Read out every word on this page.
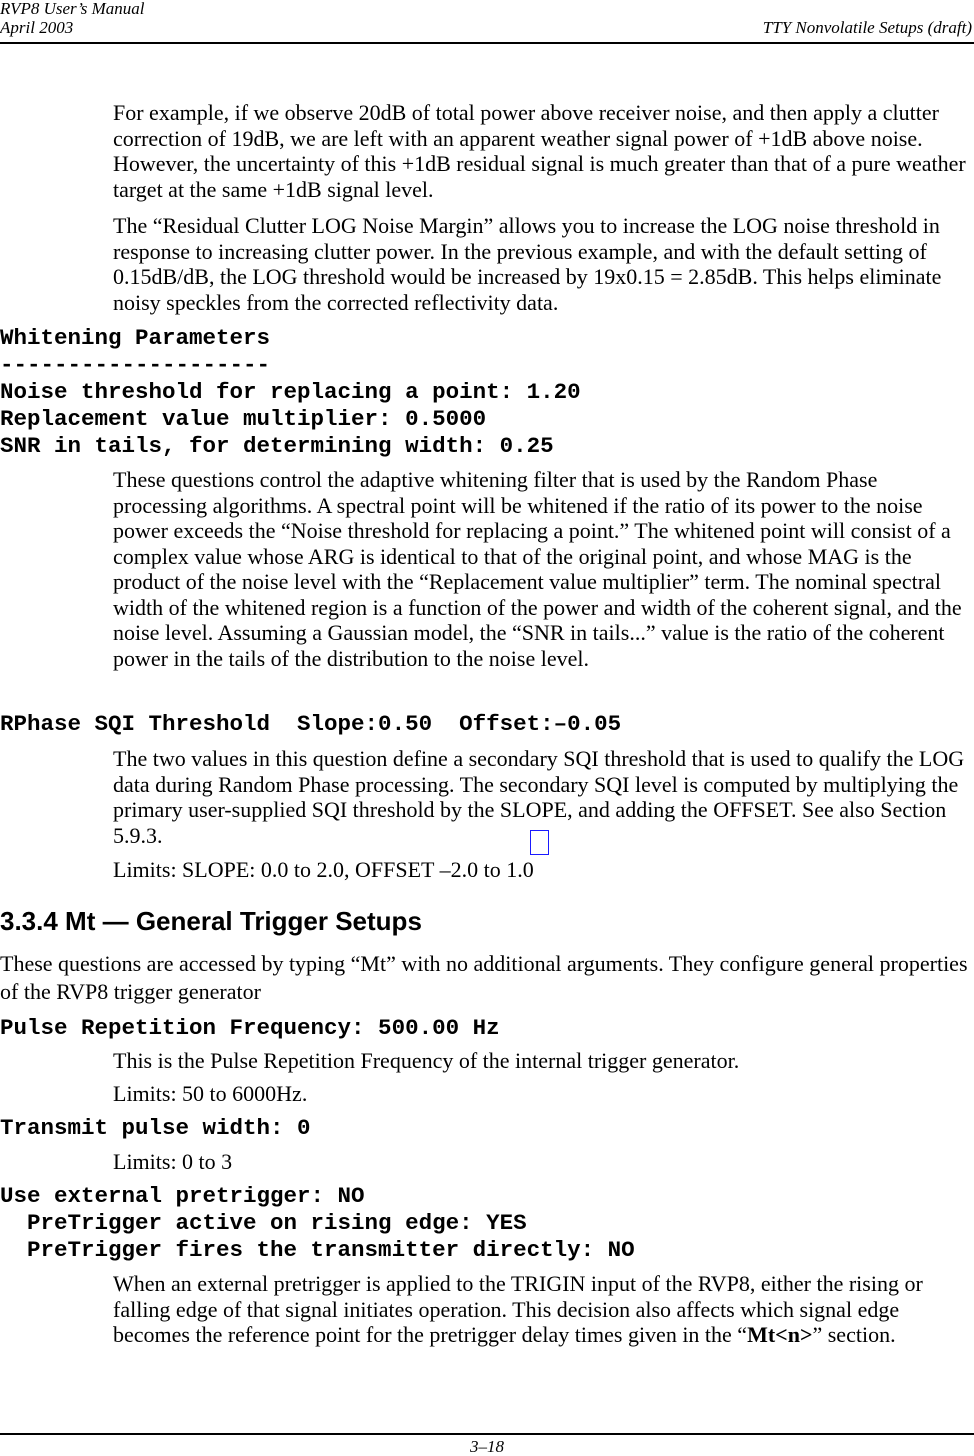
RVP8 User’s Manual
April 2003	TTY Nonvolatile Setups (draft)
For example, if we observe 20dB of total power above receiver noise, and then apply a clutter correction of 19dB, we are left with an apparent weather signal power of +1dB above noise. However, the uncertainty of this +1dB residual signal is much greater than that of a pure weather target at the same +1dB signal level.
The “Residual Clutter LOG Noise Margin” allows you to increase the LOG noise threshold in response to increasing clutter power. In the previous example, and with the default setting of 0.15dB/dB, the LOG threshold would be increased by 19x0.15 = 2.85dB. This helps eliminate noisy speckles from the corrected reflectivity data.
Whitening Parameters
--------------------
Noise threshold for replacing a point: 1.20
Replacement value multiplier: 0.5000
SNR in tails, for determining width: 0.25
These questions control the adaptive whitening filter that is used by the Random Phase processing algorithms. A spectral point will be whitened if the ratio of its power to the noise power exceeds the “Noise threshold for replacing a point.” The whitened point will consist of a complex value whose ARG is identical to that of the original point, and whose MAG is the product of the noise level with the “Replacement value multiplier” term. The nominal spectral width of the whitened region is a function of the power and width of the coherent signal, and the noise level. Assuming a Gaussian model, the “SNR in tails...” value is the ratio of the coherent power in the tails of the distribution to the noise level.
RPhase SQI Threshold  Slope:0.50  Offset:–0.05
The two values in this question define a secondary SQI threshold that is used to qualify the LOG data during Random Phase processing. The secondary SQI level is computed by multiplying the primary user-supplied SQI threshold by the SLOPE, and adding the OFFSET. See also Section 5.9.3.
Limits: SLOPE: 0.0 to 2.0, OFFSET –2.0 to 1.0
3.3.4 Mt — General Trigger Setups
These questions are accessed by typing “Mt” with no additional arguments. They configure general properties of the RVP8 trigger generator
Pulse Repetition Frequency: 500.00 Hz
This is the Pulse Repetition Frequency of the internal trigger generator.
Limits: 50 to 6000Hz.
Transmit pulse width: 0
Limits: 0 to 3
Use external pretrigger: NO
PreTrigger active on rising edge: YES
PreTrigger fires the transmitter directly: NO
When an external pretrigger is applied to the TRIGIN input of the RVP8, either the rising or falling edge of that signal initiates operation. This decision also affects which signal edge becomes the reference point for the pretrigger delay times given in the “Mt<n>” section.
3–18
